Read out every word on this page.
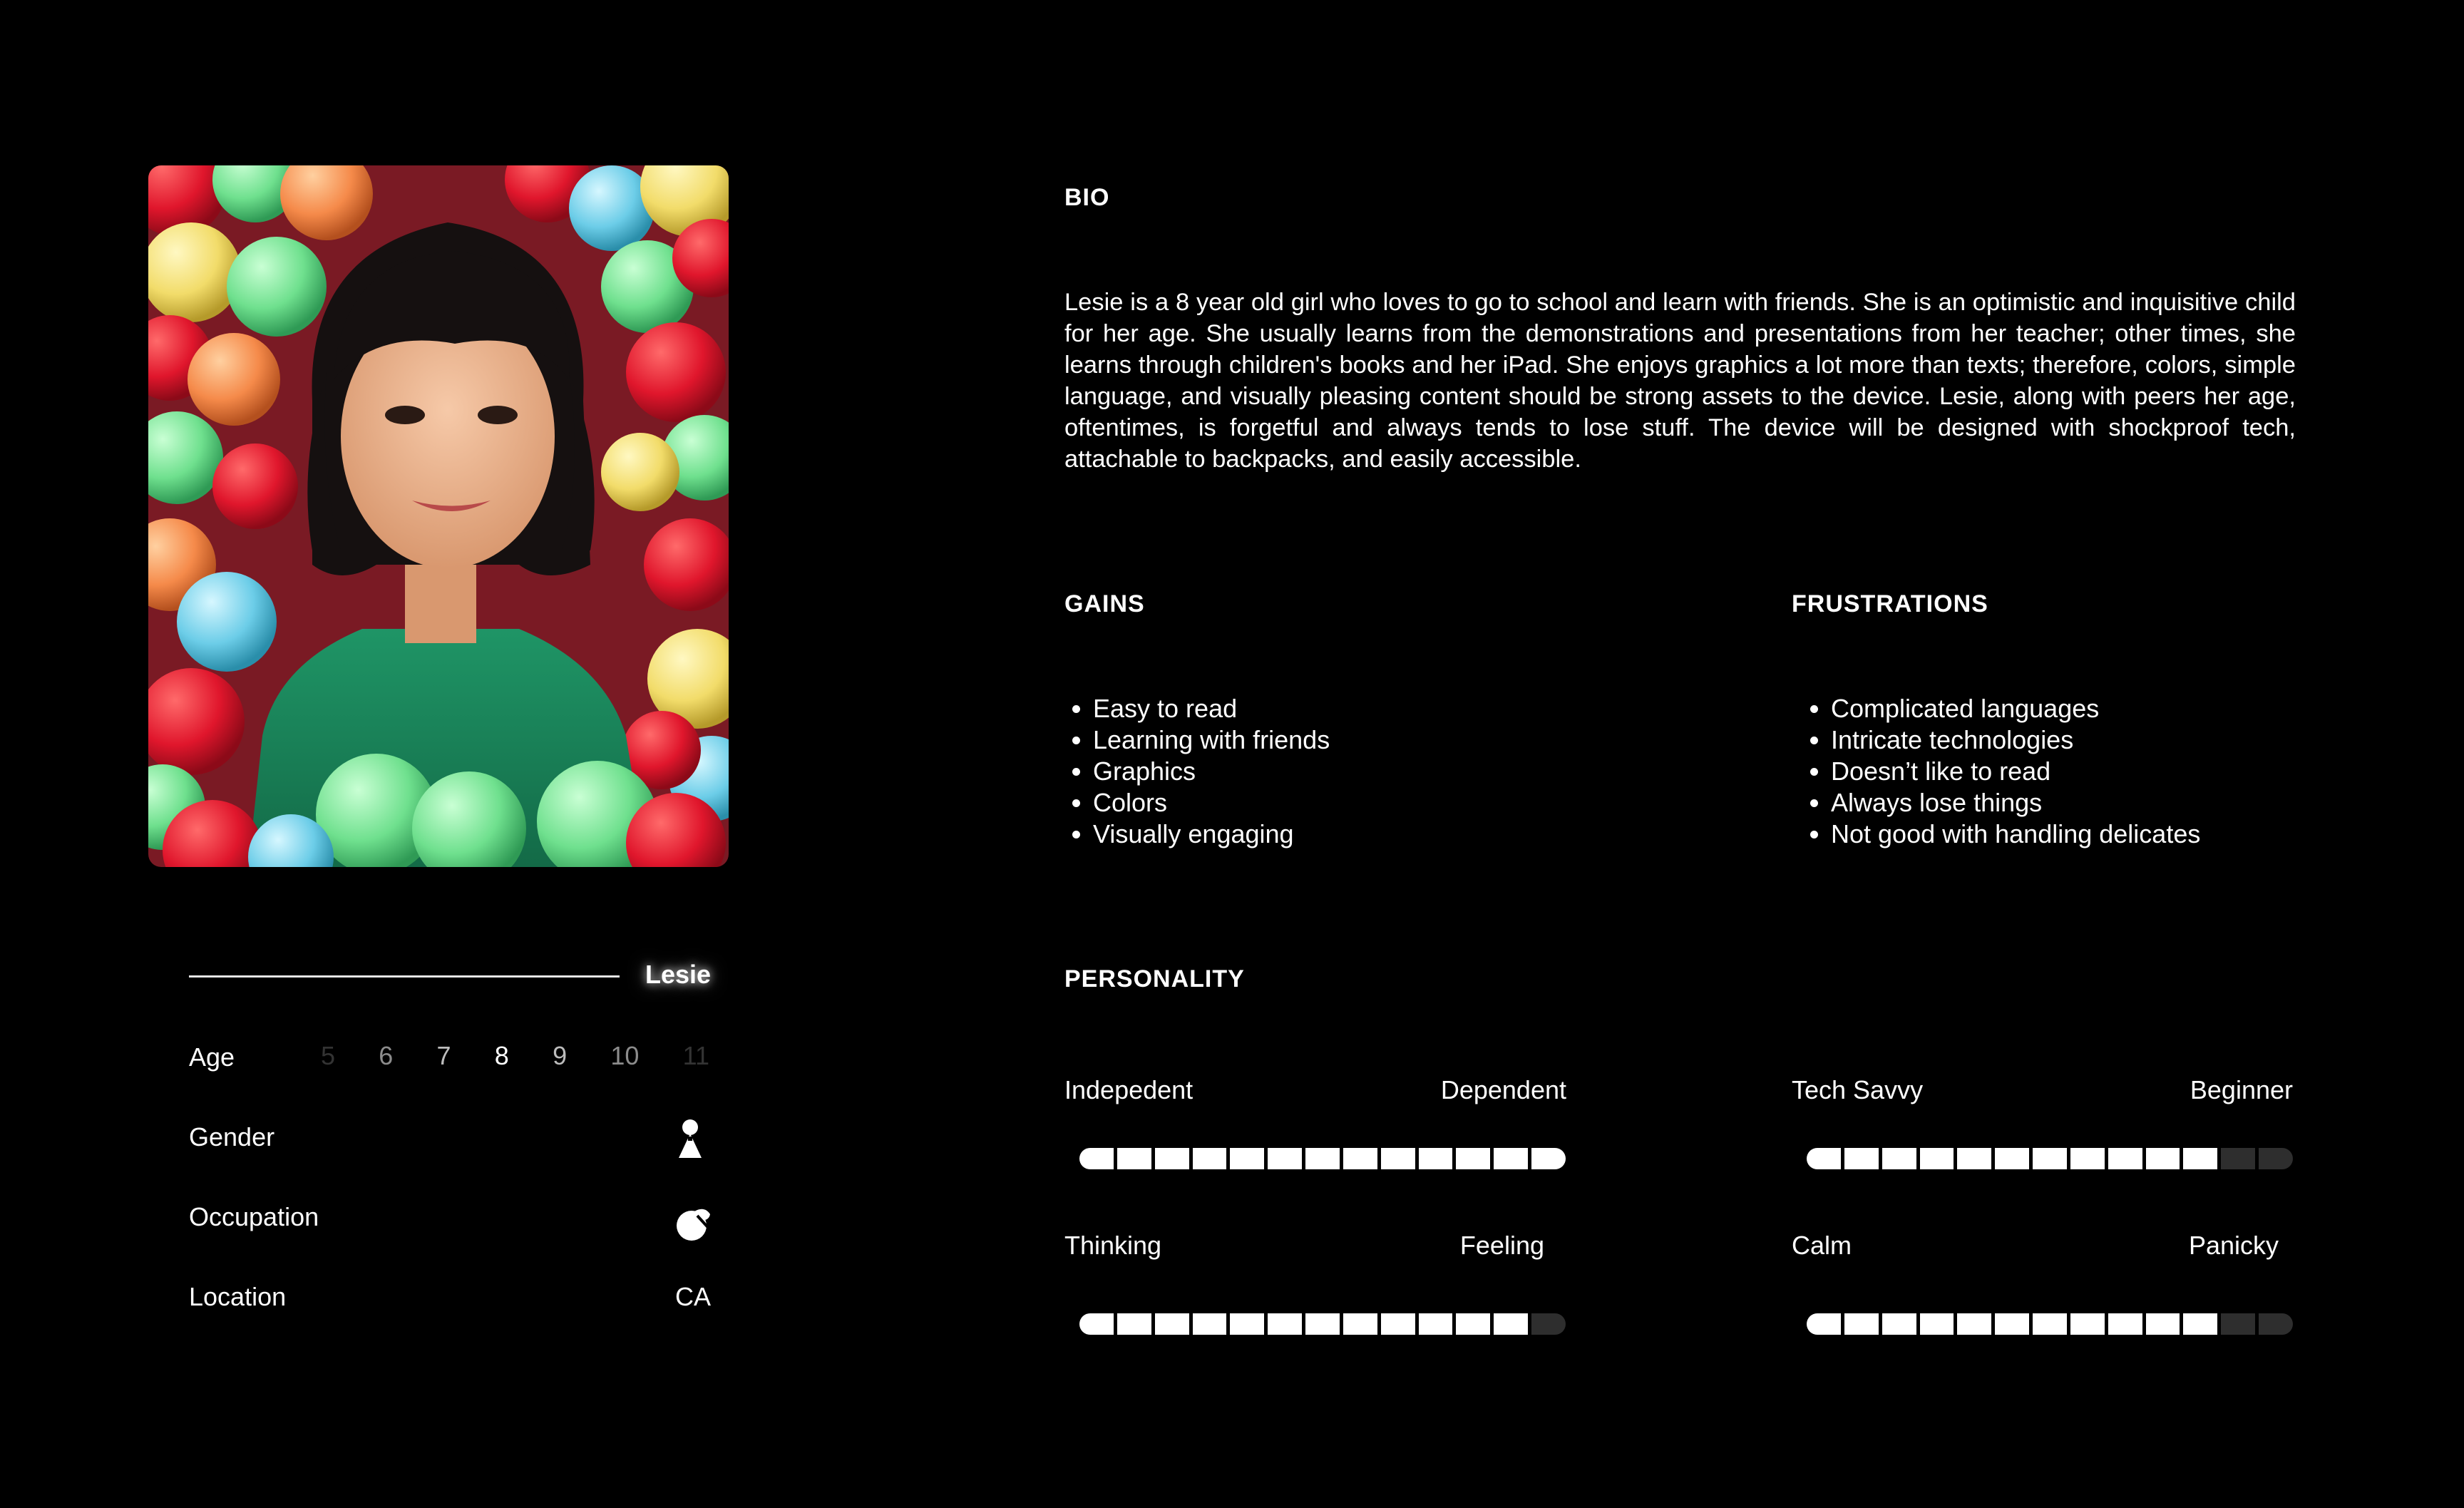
Lesie
Age	5 6 7 8 9 10 11
Gender
Occupation
Location	CA
BIO
Lesie is a 8 year old girl who loves to go to school and learn with friends. She is an optimistic and inquisitive child for her age. She usually learns from the demonstrations and presentations from her teacher; other times, she learns through children's books and her iPad. She enjoys graphics a lot more than texts; therefore, colors, simple language, and visually pleasing content should be strong assets to the device. Lesie, along with peers her age, oftentimes, is forgetful and always tends to lose stuff. The device will be designed with shockproof tech, attachable to backpacks, and easily accessible.
GAINS
• Easy to read
• Learning with friends
• Graphics
• Colors
• Visually engaging
FRUSTRATIONS
• Complicated languages
• Intricate technologies
• Doesn’t like to read
• Always lose things
• Not good with handling delicates
PERSONALITY
Indepedent	Dependent	Tech Savvy	Beginner
Thinking	Feeling	Calm	Panicky
